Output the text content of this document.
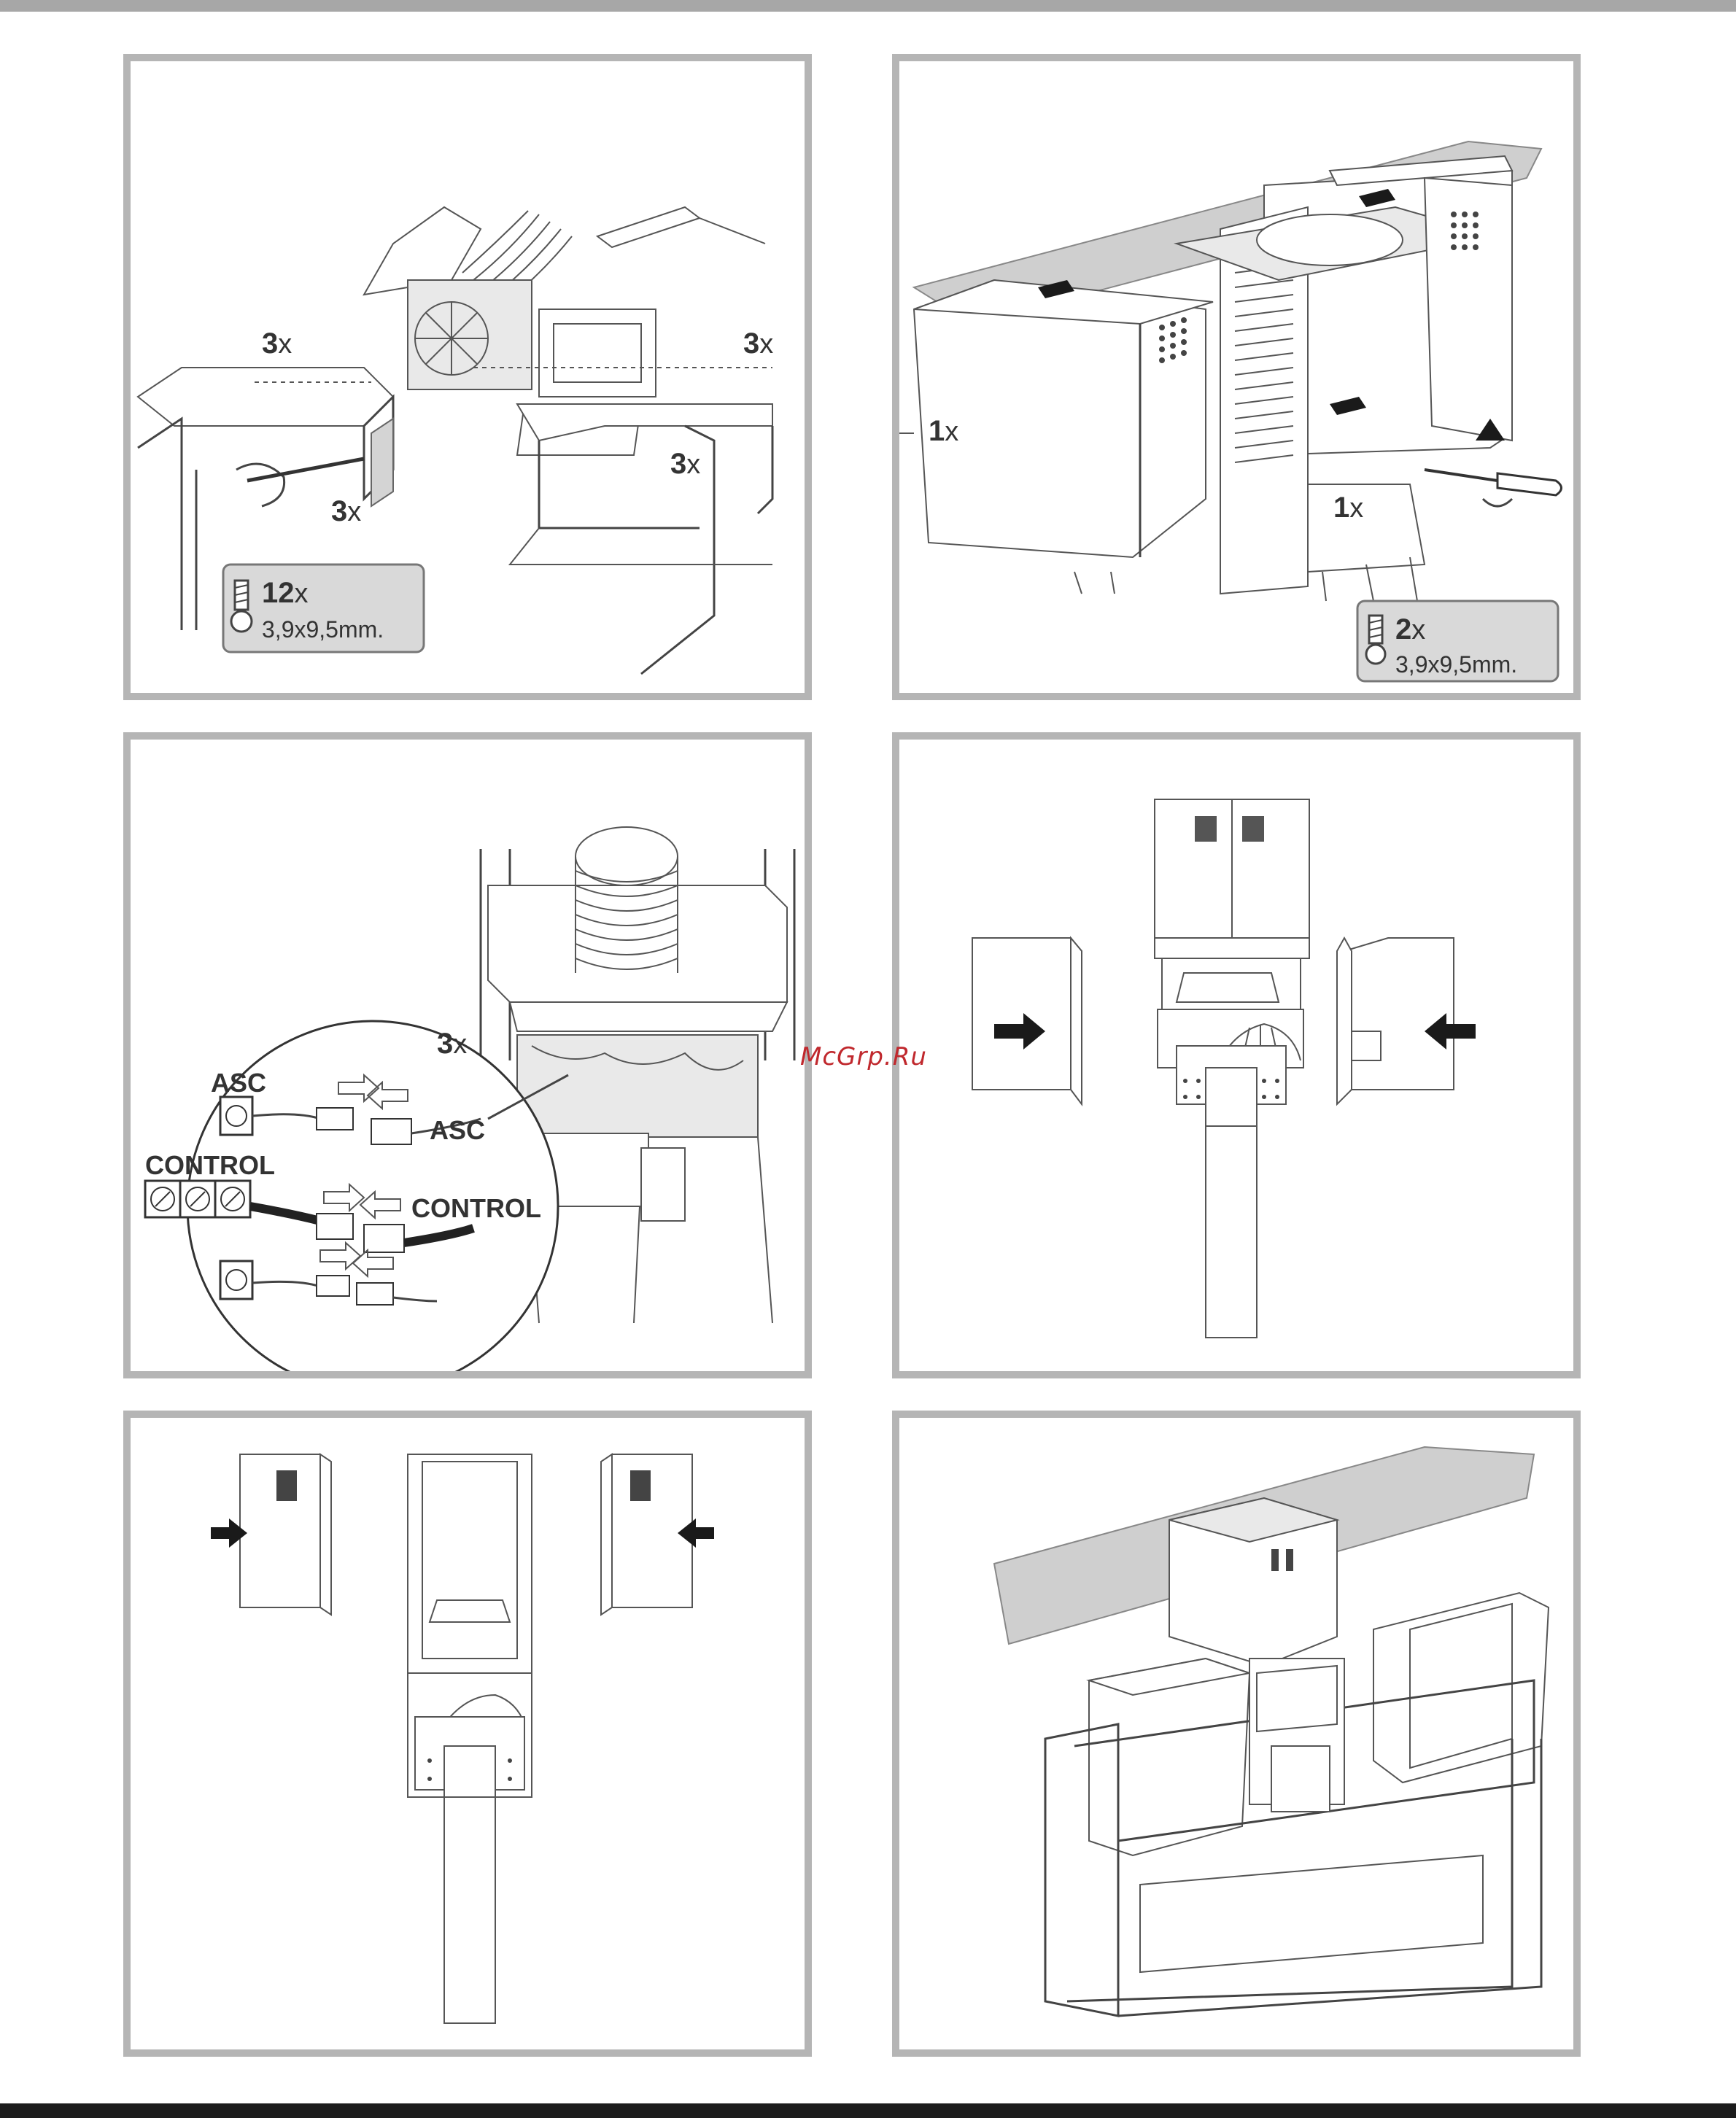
3x	3x
3x
3x
12x
3,9x9,5mm.
1x
1x
2x
3,9x9,5mm.
3x
ASC
ASC
CONTROL
CONTROL
McGrp.Ru
